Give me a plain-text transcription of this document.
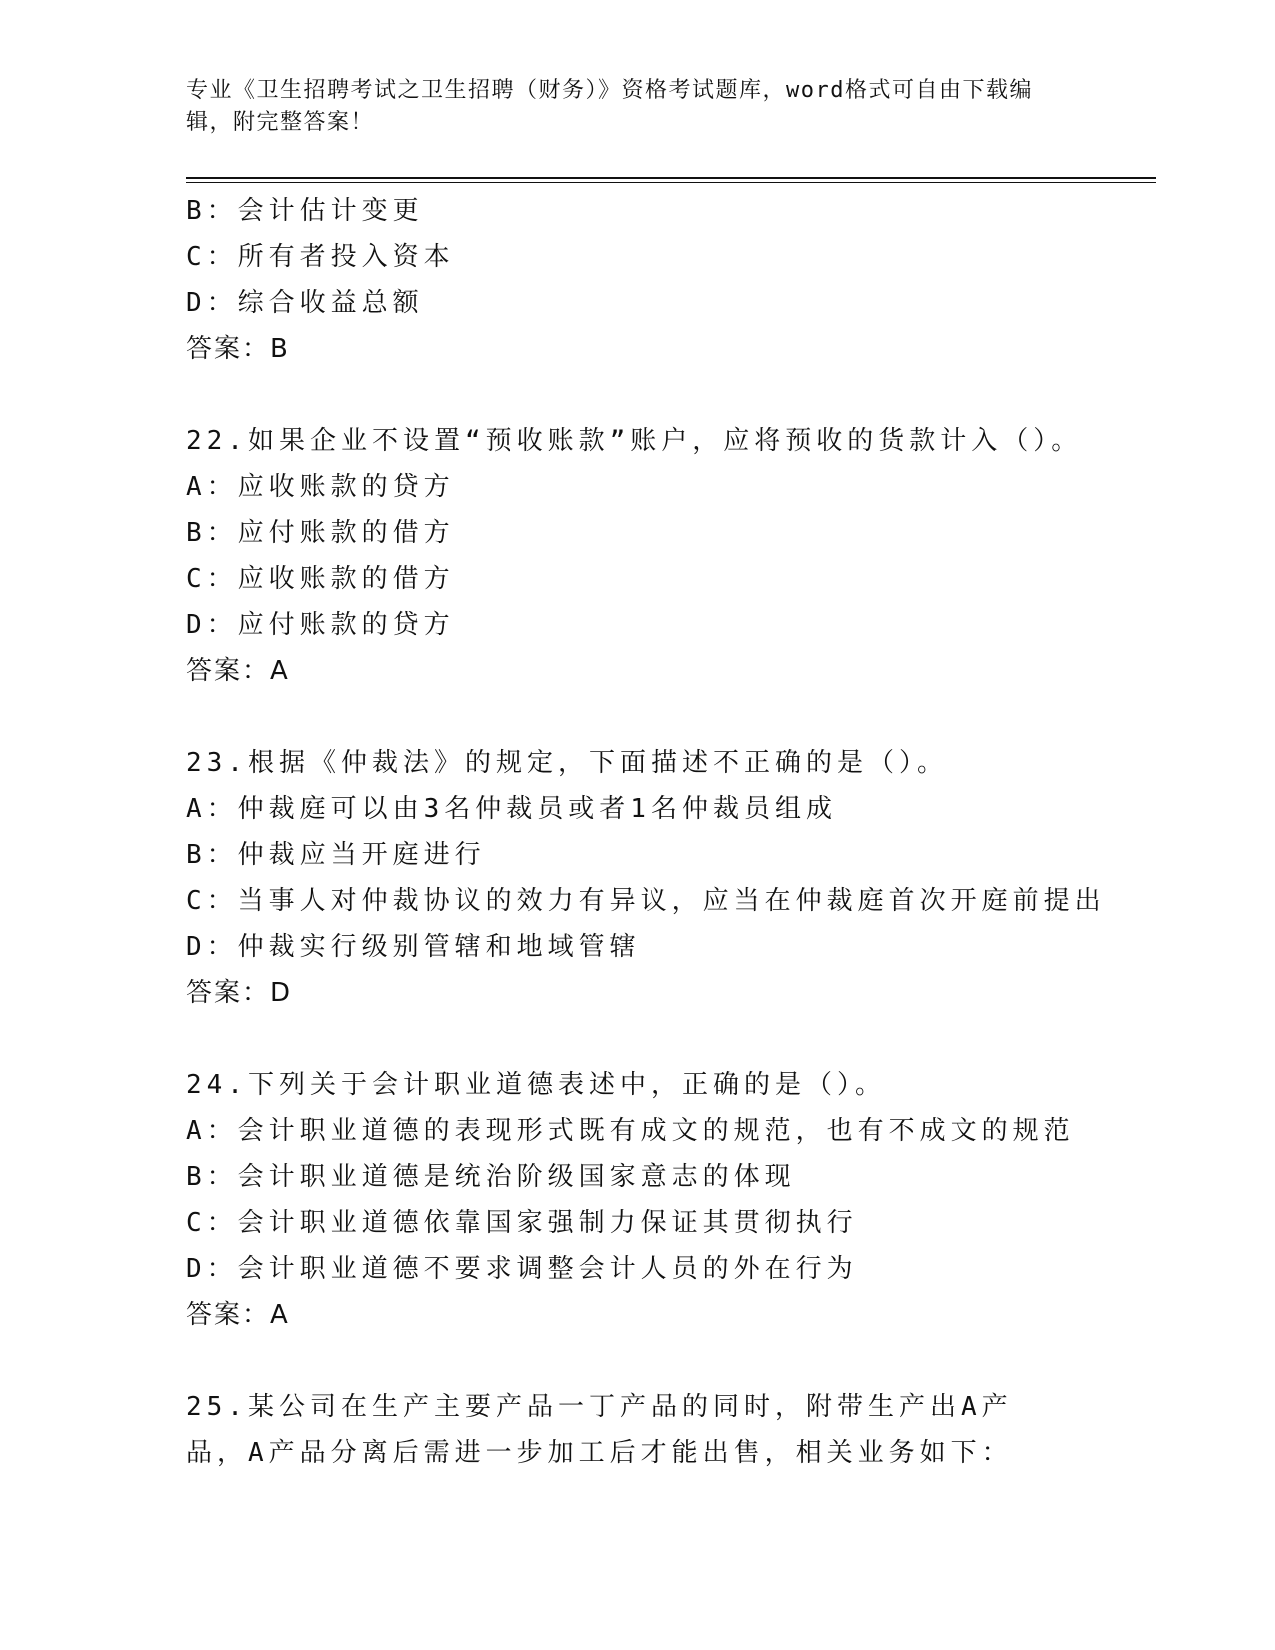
专业《卫生招聘考试之卫生招聘（财务）》资格考试题库，word格式可自由下载编辑，附完整答案！
B：会计估计变更
C：所有者投入资本
D：综合收益总额
答案：B
22.如果企业不设置“预收账款”账户，应将预收的货款计入（）。
A：应收账款的贷方
B：应付账款的借方
C：应收账款的借方
D：应付账款的贷方
答案：A
23.根据《仲裁法》的规定，下面描述不正确的是（）。
A：仲裁庭可以由3名仲裁员或者1名仲裁员组成
B：仲裁应当开庭进行
C：当事人对仲裁协议的效力有异议，应当在仲裁庭首次开庭前提出
D：仲裁实行级别管辖和地域管辖
答案：D
24.下列关于会计职业道德表述中，正确的是（）。
A：会计职业道德的表现形式既有成文的规范，也有不成文的规范
B：会计职业道德是统治阶级国家意志的体现
C：会计职业道德依靠国家强制力保证其贯彻执行
D：会计职业道德不要求调整会计人员的外在行为
答案：A
25.某公司在生产主要产品一丁产品的同时，附带生产出A产品，A产品分离后需进一步加工后才能出售，相关业务如下：
